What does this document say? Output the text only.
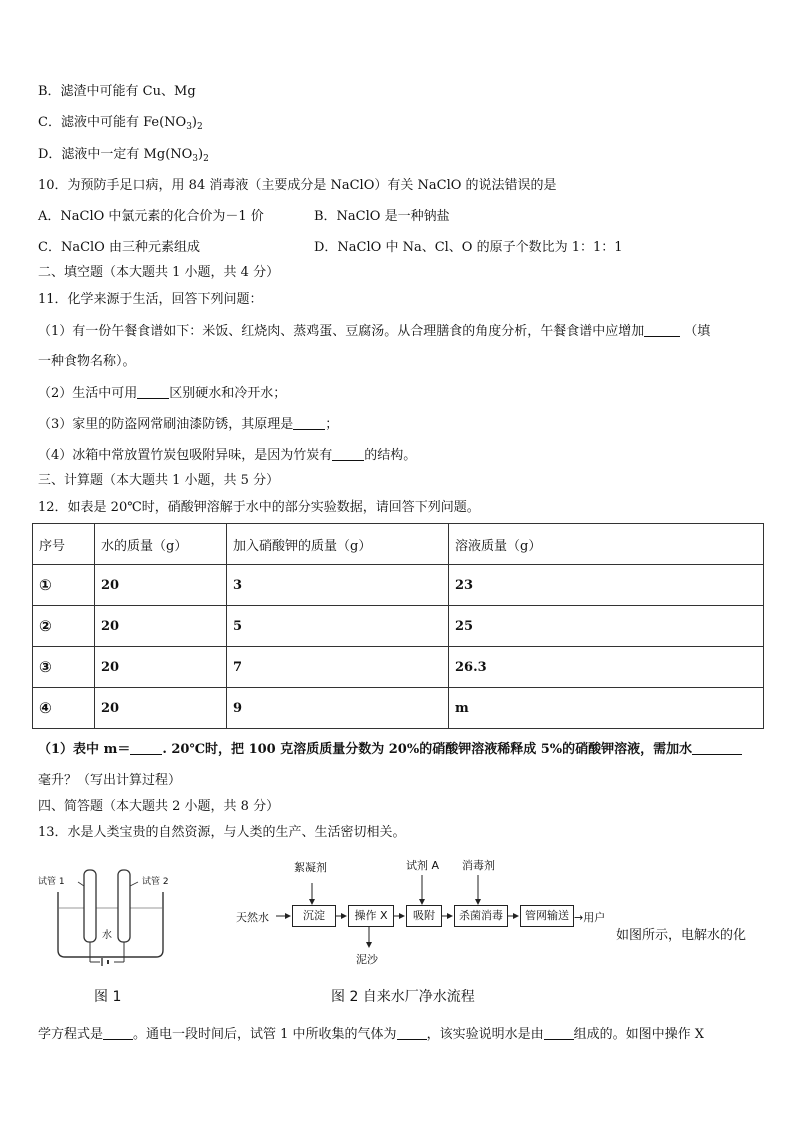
B．滤渣中可能有 Cu、Mg
C．滤液中可能有 $Fe(NO_3)_2$
D．滤液中一定有 $Mg(NO_3)_2$
10．为预防手足口病，用 84 消毒液（主要成分是 NaClO）有关 NaClO 的说法错误的是
A．NaClO 中氯元素的化合价为－1 价	B．NaClO 是一种钠盐
C．NaClO 由三种元素组成	D．NaClO 中 Na、Cl、O 的原子个数比为 1：1：1
二、填空题（本大题共 1 小题，共 4 分）
11．化学来源于生活，回答下列问题：
（1）有一份午餐食谱如下：米饭、红烧肉、蒸鸡蛋、豆腐汤。从合理膳食的角度分析，午餐食谱中应增加	（填
一种食物名称）。
（2）生活中可用 区别硬水和冷开水；
（3）家里的防盗网常刷油漆防锈，其原理是 ；
（4）冰箱中常放置竹炭包吸附异味，是因为竹炭有 的结构。
三、计算题（本大题共 1 小题，共 5 分）
12．如表是 20℃时，硝酸钾溶解于水中的部分实验数据，请回答下列问题。
序号	水的质量（g）	加入硝酸钾的质量（g）	溶液质量（g）
①	20	3	23
②	20	5	25
③	20	7	26.3
④	20	9	m
（1）表中 m＝ . 20℃时，把 100 克溶质质量分数为 20%的硝酸钾溶液稀释成 5%的硝酸钾溶液，需加水
毫升？（写出计算过程）
四、简答题（本大题共 2 小题，共 8 分）
13．水是人类宝贵的自然资源，与人类的生产、生活密切相关。
试管 1	试管 2
水
图 1
天然水	沉淀	操作 X	吸附	杀菌消毒	管网输送 →用户
絮凝剂	试剂 A 消毒剂
泥沙
图 2 自来水厂净水流程
如图所示，电解水的化
学方程式是 。通电一段时间后，试管 1 中所收集的气体为 ，该实验说明水是由 组成的。如图中操作 X
